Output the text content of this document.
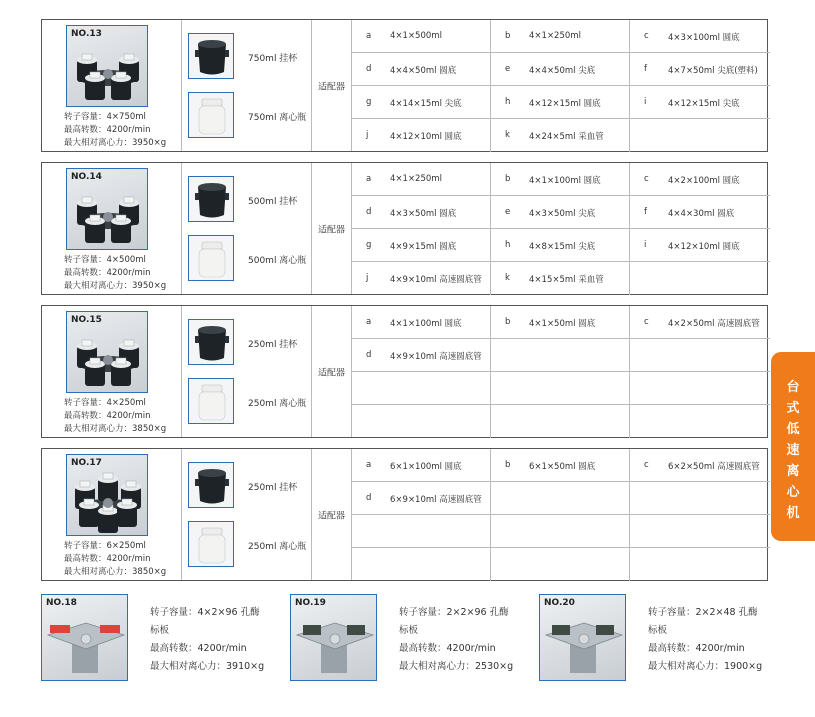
NO.13
转子容量：4×750ml
最高转数：4200r/min
最大相对离心力：3950×g
750ml 挂杯
750ml 离心瓶
适配器
a 4×1×500ml	b 4×1×250ml	c 4×3×100ml 圆底
d 4×4×50ml 圆底	e 4×4×50ml 尖底	f 4×7×50ml 尖底(塑料)
g 4×14×15ml 尖底	h 4×12×15ml 圆底	i	4×12×15ml 尖底
j	4×12×10ml 圆底	k 4×24×5ml 采血管
NO.14
转子容量：4×500ml
最高转数：4200r/min
最大相对离心力：3950×g
500ml 挂杯
500ml 离心瓶
适配器
a 4×1×250ml	b 4×1×100ml 圆底	c 4×2×100ml 圆底
d 4×3×50ml 圆底	e 4×3×50ml 尖底	f 4×4×30ml 圆底
g 4×9×15ml 圆底	h 4×8×15ml 尖底	i	4×12×10ml 圆底
j	4×9×10ml 高速圆底管	k 4×15×5ml 采血管
NO.15
转子容量：4×250ml
最高转数：4200r/min
最大相对离心力：3850×g
250ml 挂杯
250ml 离心瓶
适配器
a 4×1×100ml 圆底	b 4×1×50ml 圆底	c 4×2×50ml 高速圆底管
d 4×9×10ml 高速圆底管
NO.17
转子容量：6×250ml
最高转数：4200r/min
最大相对离心力：3850×g
250ml 挂杯
250ml 离心瓶
适配器
a 6×1×100ml 圆底	b 6×1×50ml 圆底	c 6×2×50ml 高速圆底管
d 6×9×10ml 高速圆底管
NO.18
转子容量：4×2×96 孔酶
标板
最高转数：4200r/min
最大相对离心力：3910×g
NO.19
转子容量：2×2×96 孔酶
标板
最高转数：4200r/min
最大相对离心力：2530×g
NO.20
转子容量：2×2×48 孔酶
标板
最高转数：4200r/min
最大相对离心力：1900×g
台
式
低
速
离
心
机
